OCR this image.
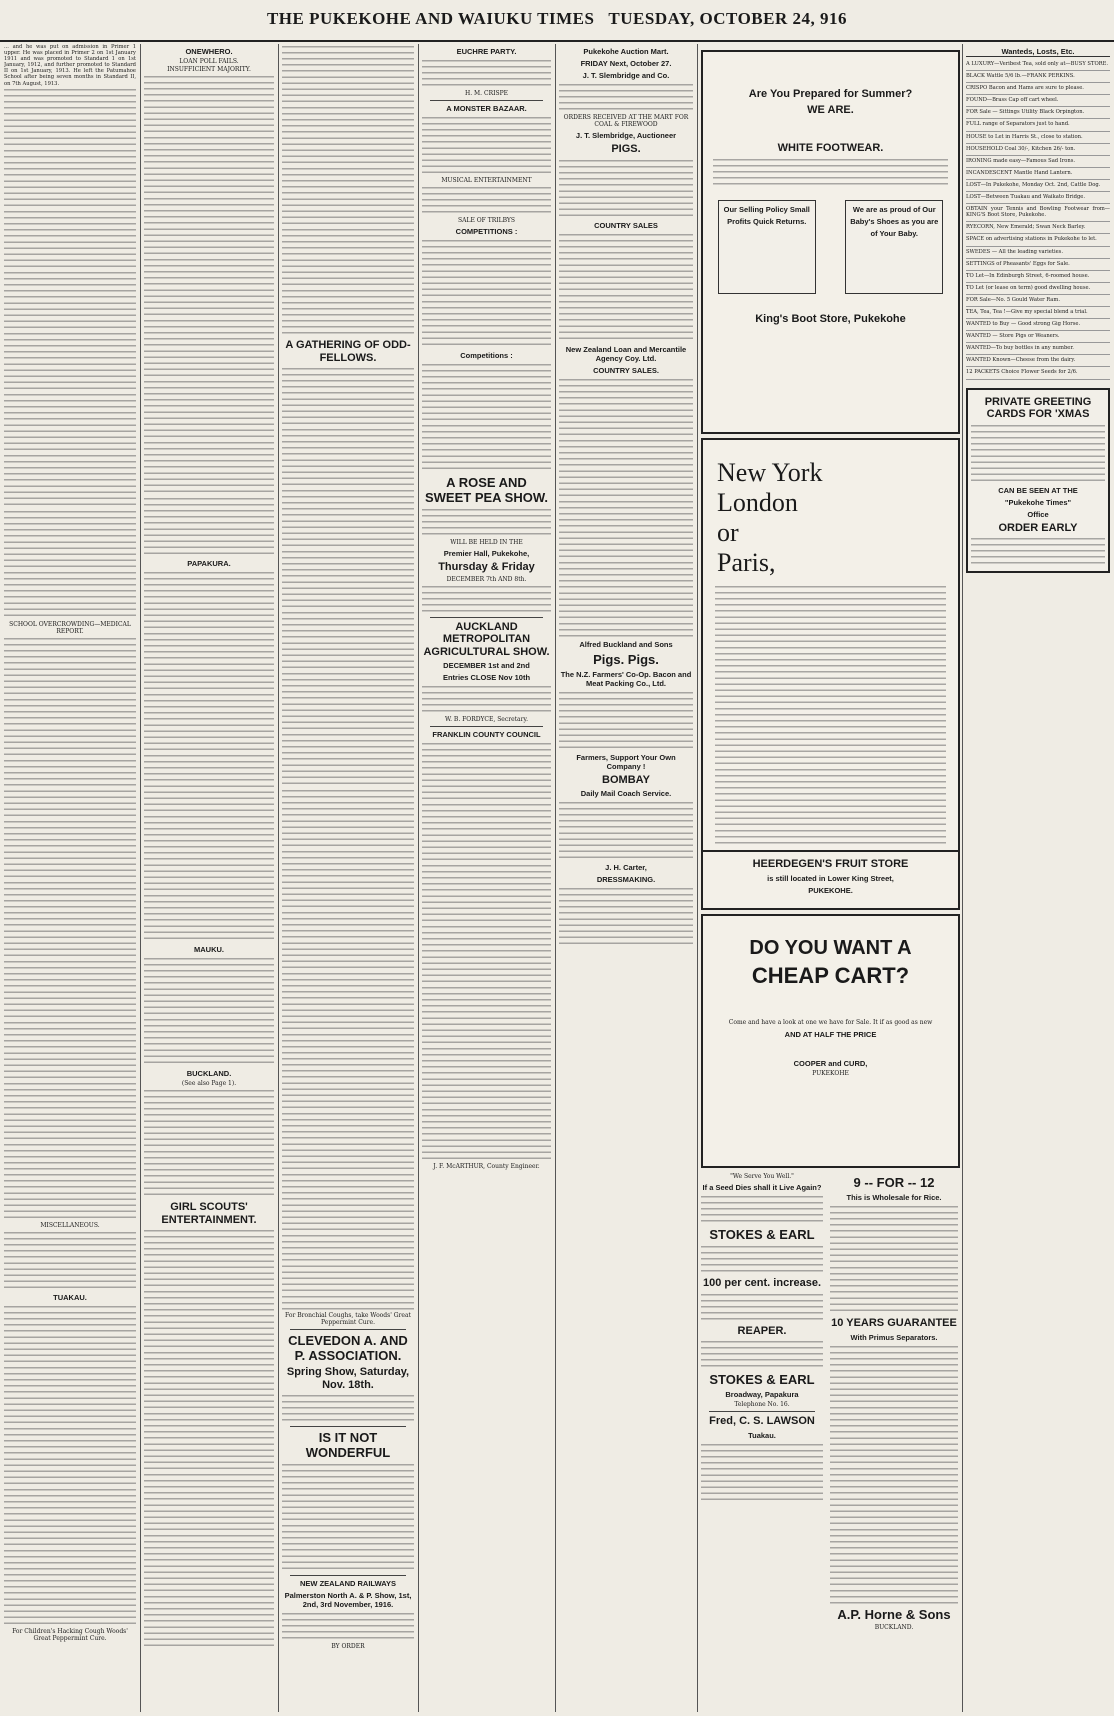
THE PUKEKOHE AND WAIUKU TIMES TUESDAY, OCTOBER 24, 916

... and he was put on admission in Primer 1 upper. He was placed in Primer 2 on 1st January 1911 and was promoted to Standard 1 on 1st January, 1912, and further promoted to Standard II on 1st January, 1913. He left the Patumahoe School after being seven months in Standard II, on 7th August, 1913.

SCHOOL OVERCROWDING—MEDICAL REPORT.
MISCELLANEOUS.
TUAKAU.
For Children's Hacking Cough Woods' Great Peppermint Cure.
ONEWHERO.
LOAN POLL FAILS.
INSUFFICIENT MAJORITY.
PAPAKURA.
MAUKU.
BUCKLAND.
(See also Page 1).
GIRL SCOUTS' ENTERTAINMENT.
A GATHERING OF ODD-FELLOWS.
For Bronchial Coughs, take Woods' Great Peppermint Cure.
CLEVEDON A. AND P. ASSOCIATION.
Spring Show, Saturday, Nov. 18th.
IS IT NOT WONDERFUL
NEW ZEALAND RAILWAYS
Palmerston North A. & P. Show, 1st, 2nd, 3rd November, 1916.
BY ORDER
EUCHRE PARTY.
H. M. CRISPE
A MONSTER BAZAAR.
MUSICAL ENTERTAINMENT
SALE OF TRILBYS
COMPETITIONS :
Competitions :
A ROSE AND SWEET PEA SHOW.
WILL BE HELD IN THE
Premier Hall, Pukekohe,
Thursday & Friday
DECEMBER 7th AND 8th.
AUCKLAND METROPOLITAN AGRICULTURAL SHOW.
DECEMBER 1st and 2nd
Entries CLOSE Nov 10th
W. B. FORDYCE, Secretary.
FRANKLIN COUNTY COUNCIL
J. F. McARTHUR, County Engineer.
Pukekohe Auction Mart.
FRIDAY Next, October 27.
J. T. Slembridge and Co.
ORDERS RECEIVED AT THE MART FOR COAL & FIREWOOD
J. T. Slembridge, Auctioneer
PIGS.
COUNTRY SALES
New Zealand Loan and Mercantile Agency Coy. Ltd.
COUNTRY SALES.
Alfred Buckland and Sons
Pigs. Pigs.
The N.Z. Farmers' Co-Op. Bacon and Meat Packing Co., Ltd.
Farmers, Support Your Own Company !
BOMBAY
Daily Mail Coach Service.
J. H. Carter,
DRESSMAKING.
Are You Prepared for Summer?
WE ARE.
WHITE FOOTWEAR.
Our Selling Policy Small Profits Quick Returns.
We are as proud of Our Baby's Shoes as you are of Your Baby.
King's Boot Store, Pukekohe
New York
London
or
Paris,
HEERDEGEN'S FRUIT STORE
is still located in Lower King Street,
PUKEKOHE.
DO YOU WANT A
CHEAP CART?
Come and have a look at one we have for Sale. It if as good as new
AND AT HALF THE PRICE
COOPER and CURD,
PUKEKOHE
"We Serve You Well."
If a Seed Dies shall it Live Again?
STOKES & EARL
100 per cent. increase.
REAPER.
STOKES & EARL
Broadway, Papakura
Telephone No. 16.
Fred, C. S. LAWSON
Tuakau.
9 -- FOR -- 12
This is Wholesale for Rice.
10 YEARS GUARANTEE
With Primus Separators.
A.P. Horne & Sons
BUCKLAND.
Wanteds, Losts, Etc.
A LUXURY—Veribest Tea, sold only at—BUSY STORE.
BLACK Wattle 5/6 lb.—FRANK PERKINS.
CRISPO Bacon and Hams are sure to please.
FOUND—Brass Cap off cart wheel.
FOR Sale — Sittings Utility Black Orpington.
FULL range of Separators just to hand.
HOUSE to Let in Harris St., close to station.
HOUSEHOLD Coal 30/-, Kitchen 26/- ton.
IRONING made easy—Famous Sad Irons.
INCANDESCENT Mantle Hand Lantern.
LOST—In Pukekohe, Monday Oct. 2nd, Cattle Dog.
LOST—Between Tuakau and Waikato Bridge.
OBTAIN your Tennis and Bowling Footwear from—KING'S Boot Store, Pukekohe.
RYECORN, New Emerald; Swan Neck Barley.
SPACE on advertising stations in Pukekohe to let.
SWEDES — All the leading varieties.
SETTINGS of Pheasants' Eggs for Sale.
TO Let—In Edinburgh Street, 6-roomed house.
TO Let (or lease on term) good dwelling house.
FOR Sale—No. 5 Gould Water Ram.
TEA, Tea, Tea !—Give my special blend a trial.
WANTED to Buy — Good strong Gig Horse.
WANTED — Store Pigs or Weaners.
WANTED—To buy bottles in any number.
WANTED Known—Cheese from the dairy.
12 PACKETS Choice Flower Seeds for 2/6.
PRIVATE GREETING CARDS FOR 'XMAS
CAN BE SEEN AT THE
"Pukekohe Times"
Office
ORDER EARLY
